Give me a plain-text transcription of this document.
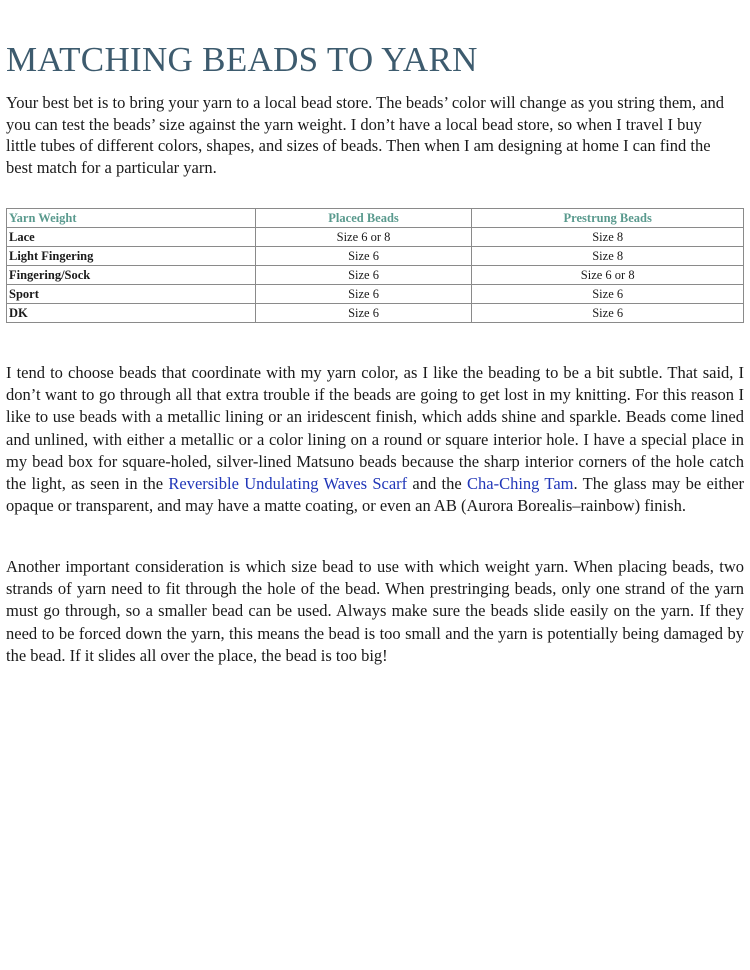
MATCHING BEADS TO YARN

Your best bet is to bring your yarn to a local bead store. The beads’ color will change as you string them, and you can test the beads’ size against the yarn weight. I don’t have a local bead store, so when I travel I buy little tubes of different colors, shapes, and sizes of beads. Then when I am designing at home I can find the best match for a particular yarn.

Yarn Weight	Placed Beads	Prestrung Beads
Lace	Size 6 or 8	Size 8
Light Fingering	Size 6	Size 8
Fingering/Sock	Size 6	Size 6 or 8
Sport	Size 6	Size 6
DK	Size 6	Size 6

I tend to choose beads that coordinate with my yarn color, as I like the beading to be a bit subtle. That said, I don’t want to go through all that extra trouble if the beads are going to get lost in my knitting. For this reason I like to use beads with a metallic lining or an iridescent finish, which adds shine and sparkle. Beads come lined and unlined, with either a metallic or a color lining on a round or square interior hole. I have a special place in my bead box for square-holed, silver-lined Matsuno beads because the sharp interior corners of the hole catch the light, as seen in the Reversible Undulating Waves Scarf and the Cha-Ching Tam. The glass may be either opaque or transparent, and may have a matte coating, or even an AB (Aurora Borealis–rainbow) finish.

Another important consideration is which size bead to use with which weight yarn. When placing beads, two strands of yarn need to fit through the hole of the bead. When prestringing beads, only one strand of the yarn must go through, so a smaller bead can be used. Always make sure the beads slide easily on the yarn. If they need to be forced down the yarn, this means the bead is too small and the yarn is potentially being damaged by the bead. If it slides all over the place, the bead is too big!
